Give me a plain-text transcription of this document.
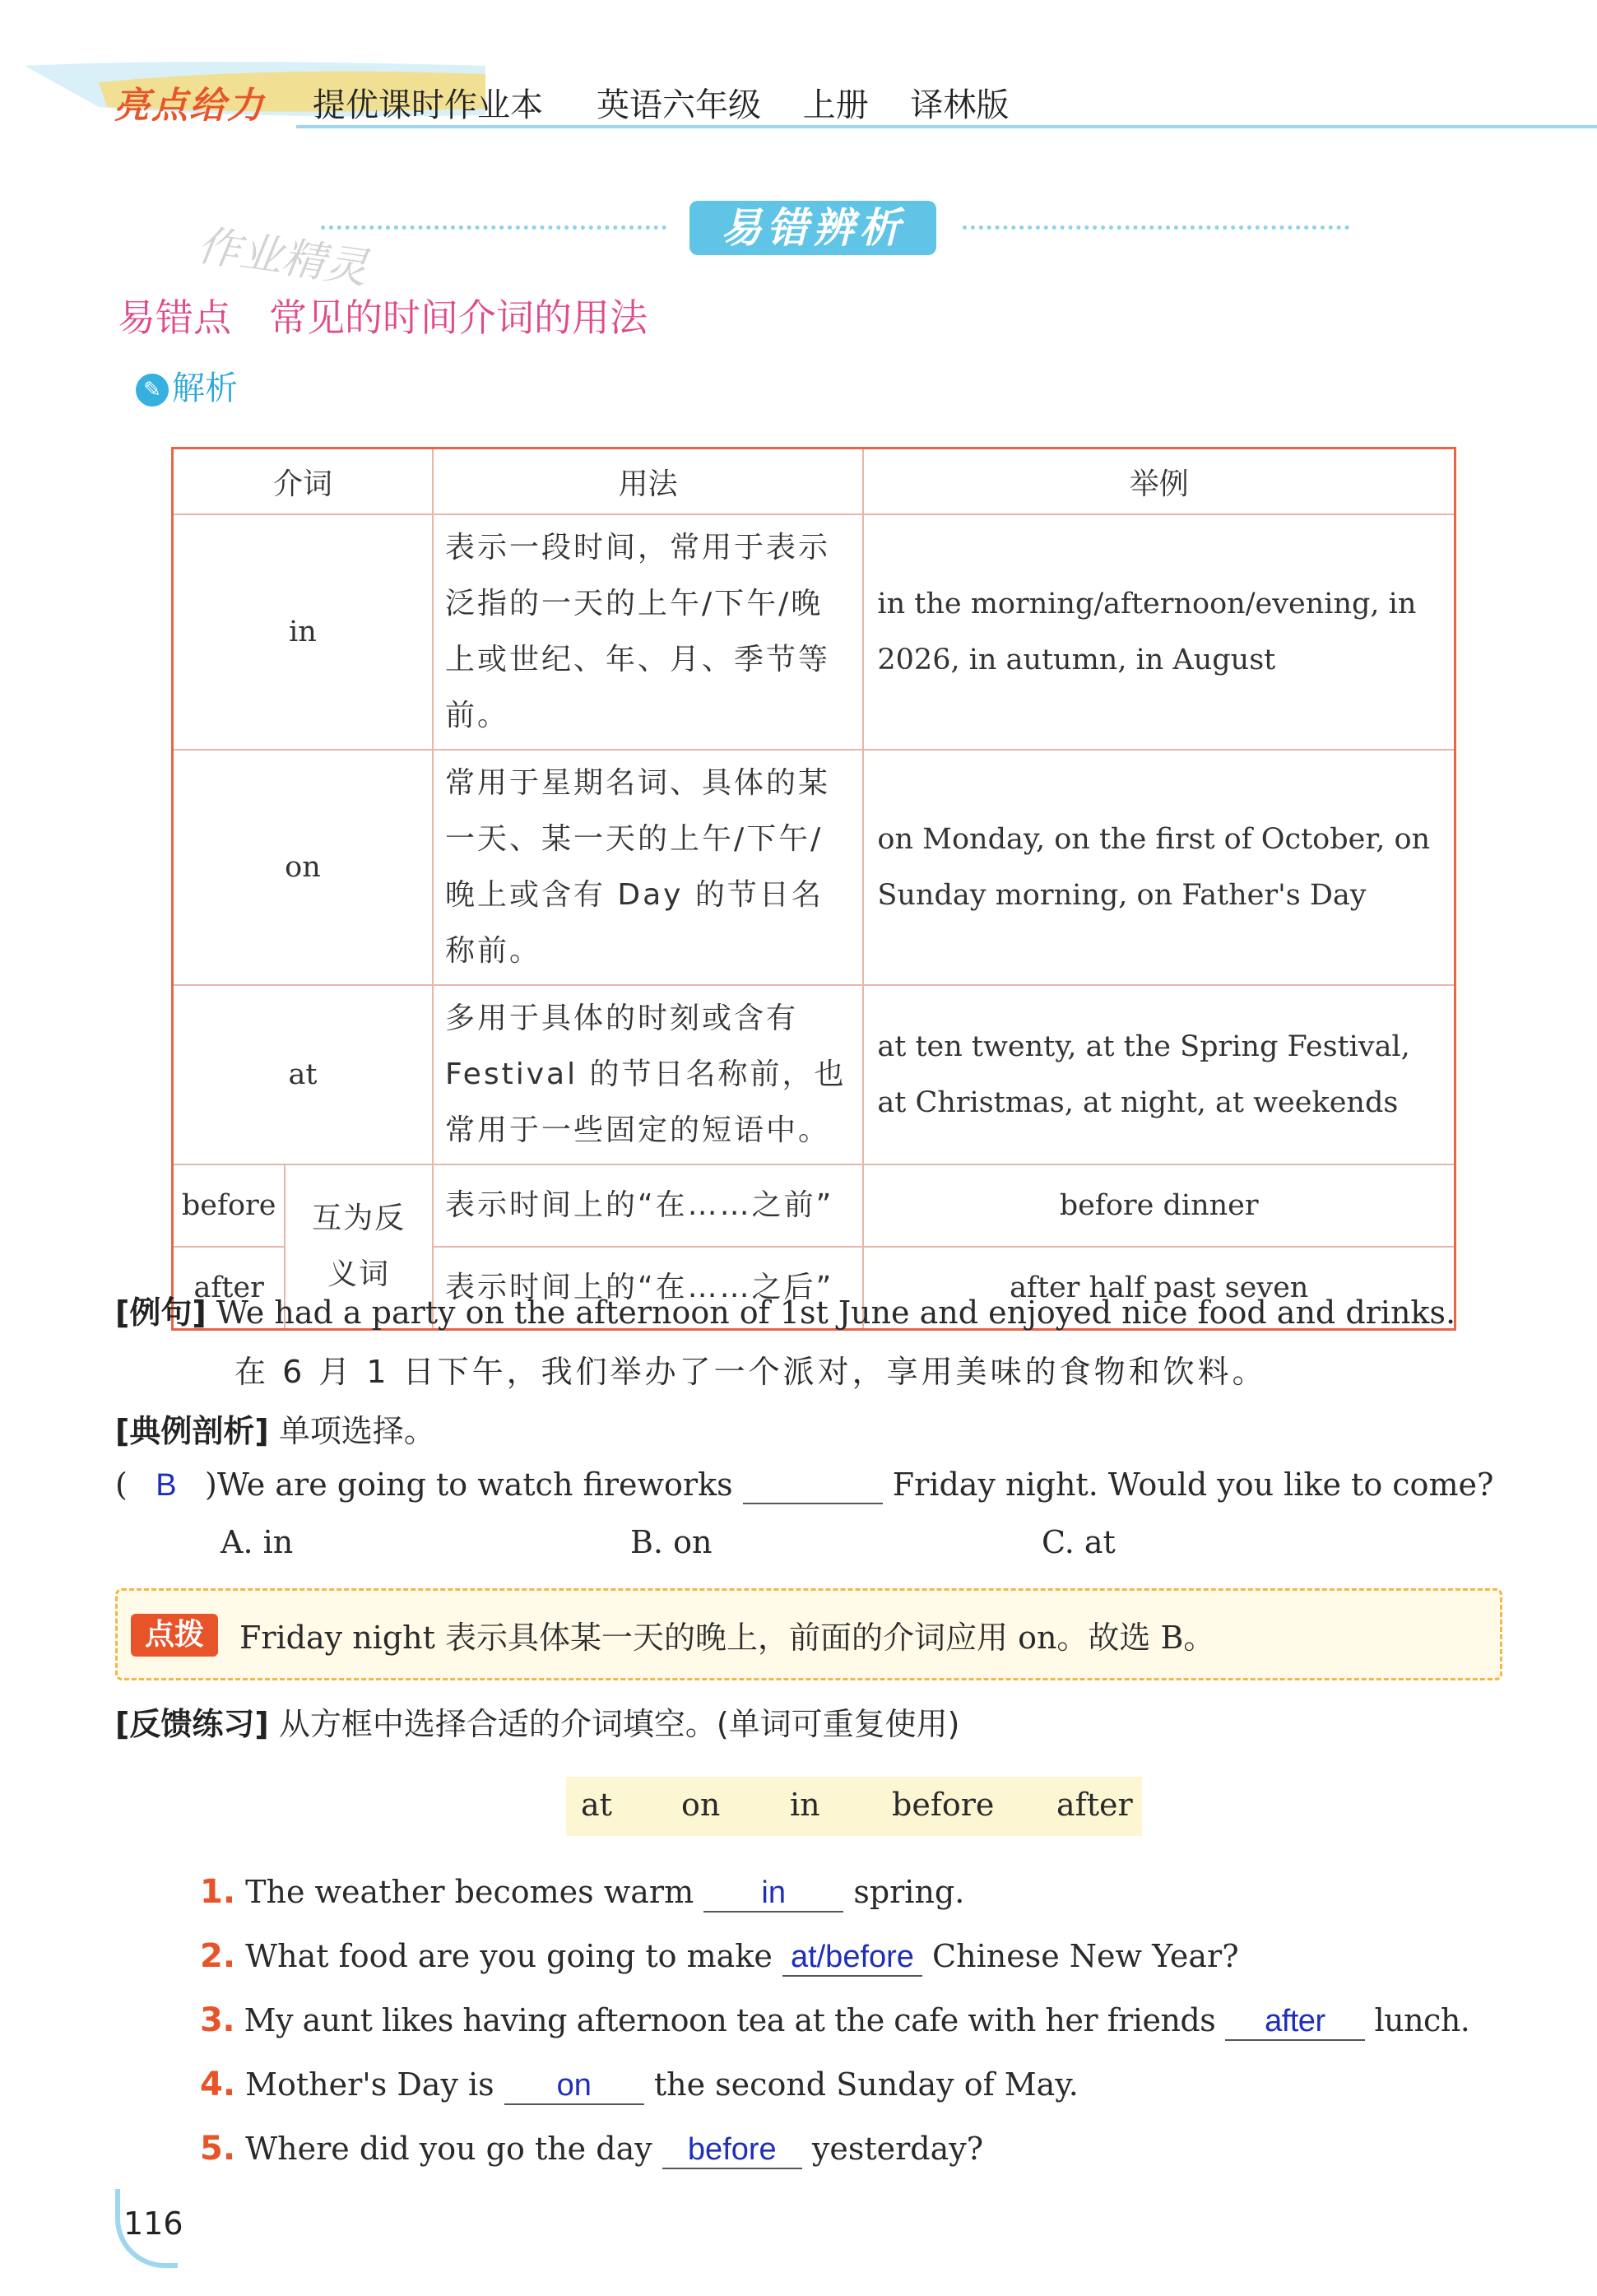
亮点给力 提优课时作业本 英语六年级 上册 译林版
易错辨析
作业精灵
易错点　常见的时间介词的用法
✎ 解析
介词		用法	举例
in		表示一段时间，常用于表示泛指的一天的上午/下午/晚上或世纪、年、月、季节等前。	in the morning/afternoon/evening, in 2026, in autumn, in August
on		常用于星期名词、具体的某一天、某一天的上午/下午/晚上或含有 Day 的节日名称前。	on Monday, on the first of October, on Sunday morning, on Father's Day
at		多用于具体的时刻或含有 Festival 的节日名称前，也常用于一些固定的短语中。	at ten twenty, at the Spring Festival, at Christmas, at night, at weekends
before	互为反义词	表示时间上的“在……之前”	before dinner
after		表示时间上的“在……之后”	after half past seven
[例句] We had a party on the afternoon of 1st June and enjoyed nice food and drinks.
在 6 月 1 日下午，我们举办了一个派对，享用美味的食物和饮料。
[典例剖析] 单项选择。
( B )We are going to watch fireworks	Friday night. Would you like to come?
A. in	B. on	C. at
点拨	Friday night 表示具体某一天的晚上，前面的介词应用 on。故选 B。
[反馈练习] 从方框中选择合适的介词填空。(单词可重复使用)
at on in before after
1. The weather becomes warm in spring.
2. What food are you going to make at/before Chinese New Year?
3. My aunt likes having afternoon tea at the cafe with her friends after lunch.
4. Mother's Day is on the second Sunday of May.
5. Where did you go the day before yesterday?
116
